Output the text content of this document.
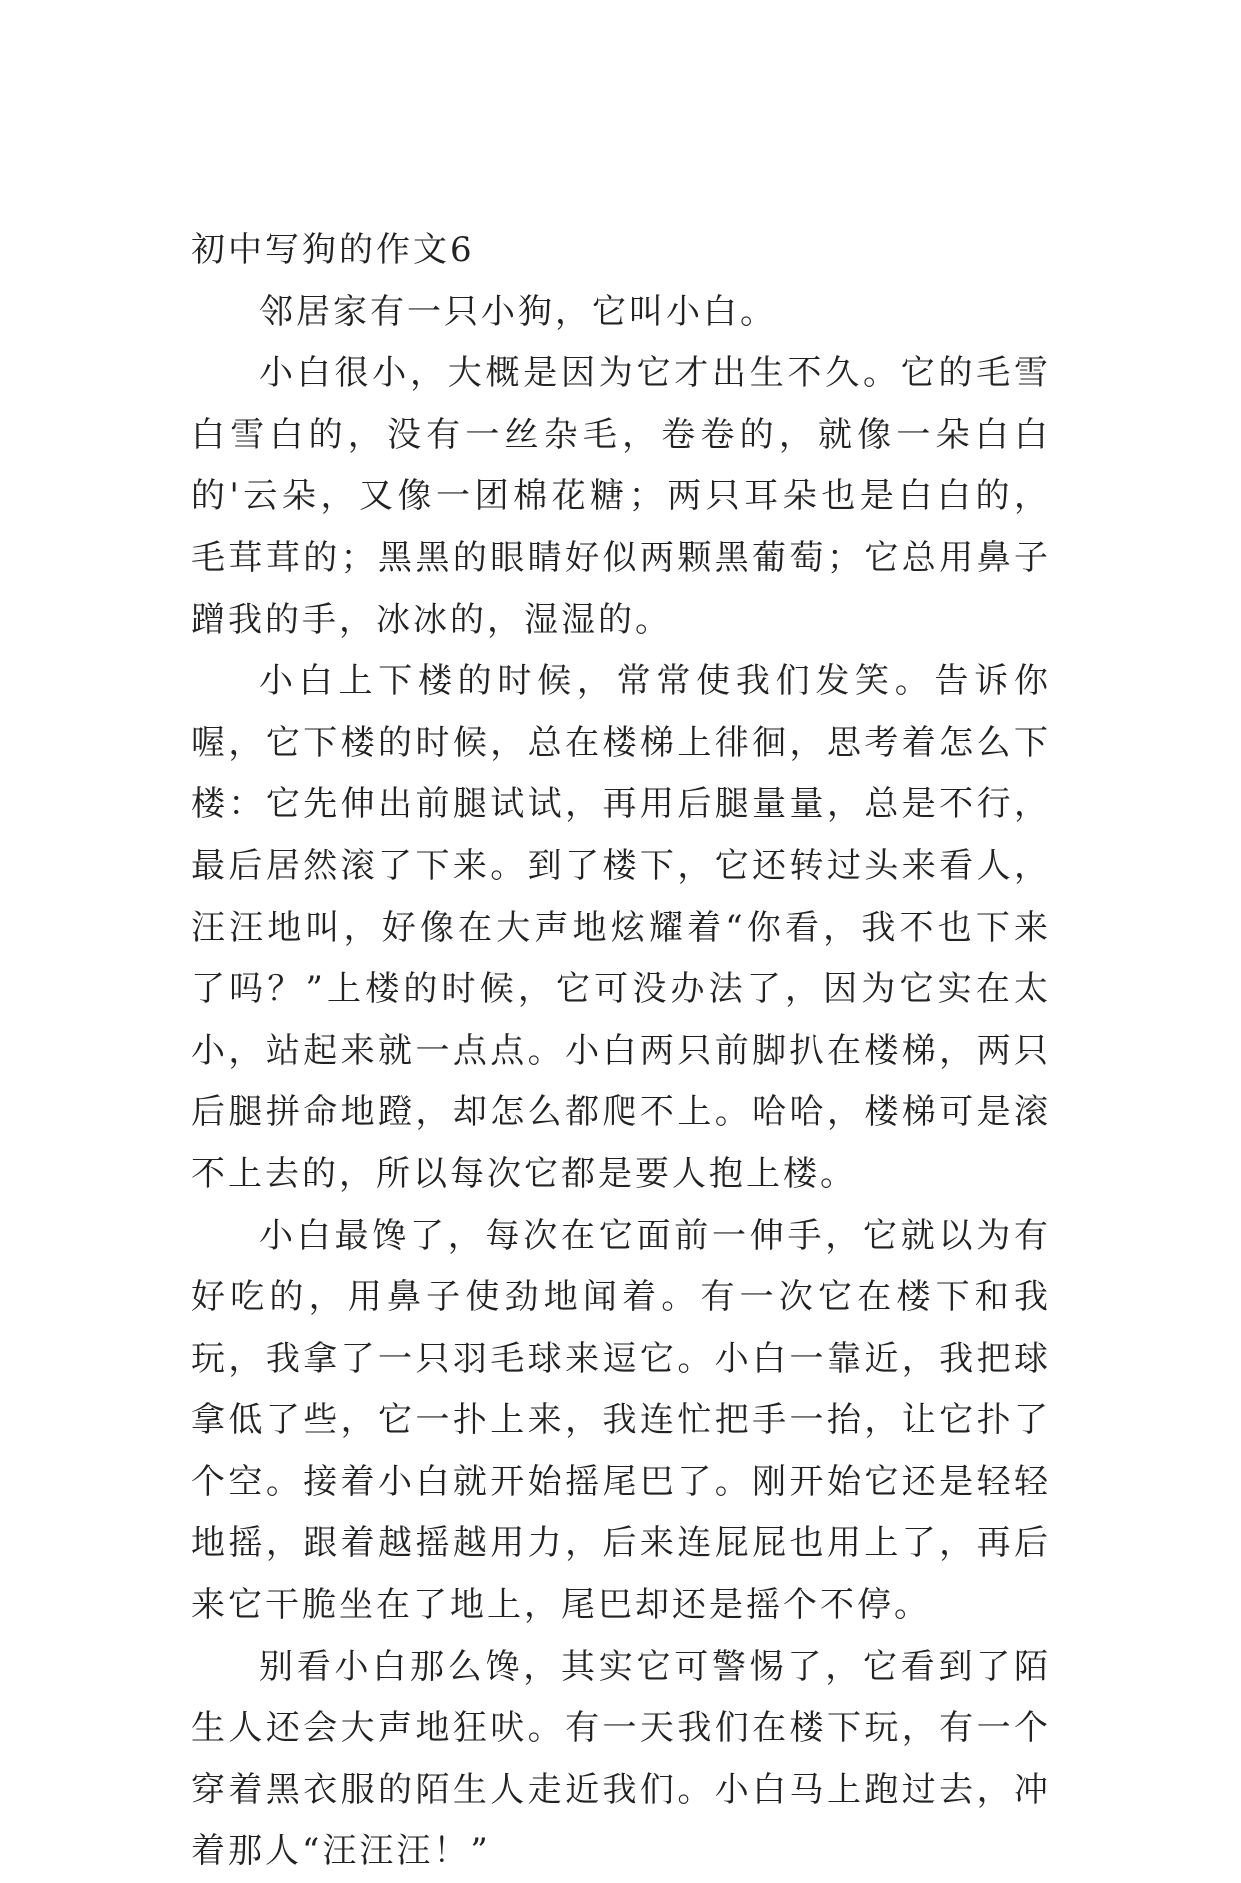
初中写狗的作文6

邻居家有一只小狗，它叫小白。

小白很小，大概是因为它才出生不久。它的毛雪白雪白的，没有一丝杂毛，卷卷的，就像一朵白白的'云朵，又像一团棉花糖；两只耳朵也是白白的，毛茸茸的；黑黑的眼睛好似两颗黑葡萄；它总用鼻子蹭我的手，冰冰的，湿湿的。

小白上下楼的时候，常常使我们发笑。告诉你喔，它下楼的时候，总在楼梯上徘徊，思考着怎么下楼：它先伸出前腿试试，再用后腿量量，总是不行，最后居然滚了下来。到了楼下，它还转过头来看人，汪汪地叫，好像在大声地炫耀着“你看，我不也下来了吗？”上楼的时候，它可没办法了，因为它实在太小，站起来就一点点。小白两只前脚扒在楼梯，两只后腿拼命地蹬，却怎么都爬不上。哈哈，楼梯可是滚不上去的，所以每次它都是要人抱上楼。

小白最馋了，每次在它面前一伸手，它就以为有好吃的，用鼻子使劲地闻着。有一次它在楼下和我玩，我拿了一只羽毛球来逗它。小白一靠近，我把球拿低了些，它一扑上来，我连忙把手一抬，让它扑了个空。接着小白就开始摇尾巴了。刚开始它还是轻轻地摇，跟着越摇越用力，后来连屁屁也用上了，再后来它干脆坐在了地上，尾巴却还是摇个不停。

别看小白那么馋，其实它可警惕了，它看到了陌生人还会大声地狂吠。有一天我们在楼下玩，有一个穿着黑衣服的陌生人走近我们。小白马上跑过去，冲着那人“汪汪汪！”
